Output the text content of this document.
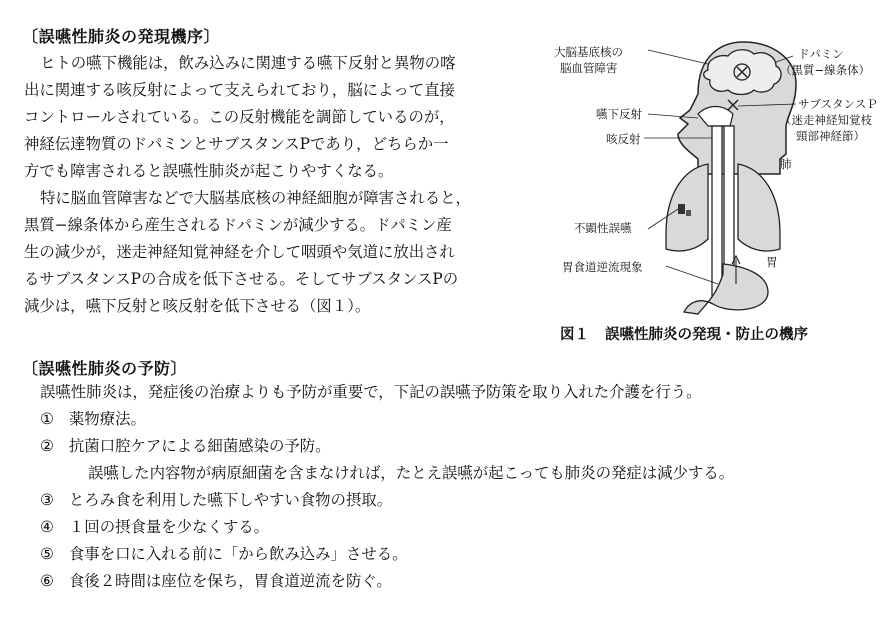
〔誤嚥性肺炎の発現機序〕
ヒトの嚥下機能は，飲み込みに関連する嚥下反射と異物の喀
出に関連する咳反射によって支えられており，脳によって直接
コントロールされている。この反射機能を調節しているのが，
神経伝達物質のドパミンとサブスタンスPであり，どちらか一
方でも障害されると誤嚥性肺炎が起こりやすくなる。
特に脳血管障害などで大脳基底核の神経細胞が障害されると，
黒質−線条体から産生されるドパミンが減少する。ドパミン産
生の減少が，迷走神経知覚神経を介して咽頭や気道に放出され
るサブスタンスPの合成を低下させる。そしてサブスタンスPの
減少は，嚥下反射と咳反射を低下させる（図１）。
大脳基底核の
脳血管障害
ドパミン
（黒質−線条体）
サブスタンスＰ
（迷走神経知覚枝
頸部神経節）
嚥下反射
咳反射
肺
不顕性誤嚥
胃食道逆流現象	胃
図１ 誤嚥性肺炎の発現・防止の機序
〔誤嚥性肺炎の予防〕
誤嚥性肺炎は，発症後の治療よりも予防が重要で，下記の誤嚥予防策を取り入れた介護を行う。
① 薬物療法。
② 抗菌口腔ケアによる細菌感染の予防。
誤嚥した内容物が病原細菌を含まなければ，たとえ誤嚥が起こっても肺炎の発症は減少する。
③ とろみ食を利用した嚥下しやすい食物の摂取。
④ １回の摂食量を少なくする。
⑤ 食事を口に入れる前に「から飲み込み」させる。
⑥ 食後２時間は座位を保ち，胃食道逆流を防ぐ。
